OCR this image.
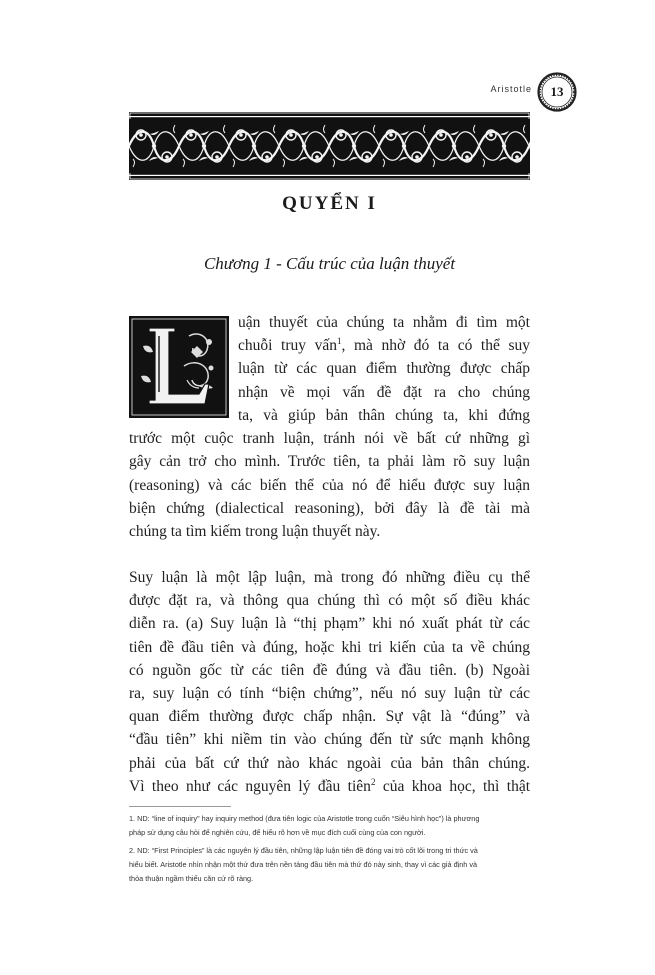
Aristotle	13
QUYỂN I
Chương 1 - Cấu trúc của luận thuyết
uận thuyết của chúng ta nhằm đi tìm một
chuỗi truy vấn$^1$, mà nhờ đó ta có thể suy
luận từ các quan điểm thường được chấp
nhận về mọi vấn đề đặt ra cho chúng
ta, và giúp bản thân chúng ta, khi đứng
trước một cuộc tranh luận, tránh nói về bất cứ những gì
gây cản trở cho mình. Trước tiên, ta phải làm rõ suy luận
(reasoning) và các biến thể của nó để hiểu được suy luận
biện chứng (dialectical reasoning), bởi đây là đề tài mà
chúng ta tìm kiếm trong luận thuyết này.
Suy luận là một lập luận, mà trong đó những điều cụ thể
được đặt ra, và thông qua chúng thì có một số điều khác
diễn ra. (a) Suy luận là “thị phạm” khi nó xuất phát từ các
tiên đề đầu tiên và đúng, hoặc khi tri kiến của ta về chúng
có nguồn gốc từ các tiên đề đúng và đầu tiên. (b) Ngoài
ra, suy luận có tính “biện chứng”, nếu nó suy luận từ các
quan điểm thường được chấp nhận. Sự vật là “đúng” và
“đầu tiên” khi niềm tin vào chúng đến từ sức mạnh không
phải của bất cứ thứ nào khác ngoài của bản thân chúng.
Vì theo như các nguyên lý đầu tiên$^2$ của khoa học, thì thật
1. ND: “line of inquiry” hay inquiry method (đưa tiên logic của Aristotle trong cuốn “Siêu hình học”) là phương
pháp sử dụng câu hỏi để nghiên cứu, để hiểu rõ hơn về mục đích cuối cùng của con người.
2. ND: “First Principles” là các nguyên lý đầu tiên, những lập luận tiên đề đóng vai trò cốt lõi trong tri thức và
hiểu biết. Aristotle nhìn nhận một thứ đưa trên nền tảng đầu tiên mà thứ đó này sinh, thay vì các giả định và
thỏa thuận ngầm thiếu căn cứ rõ ràng.
